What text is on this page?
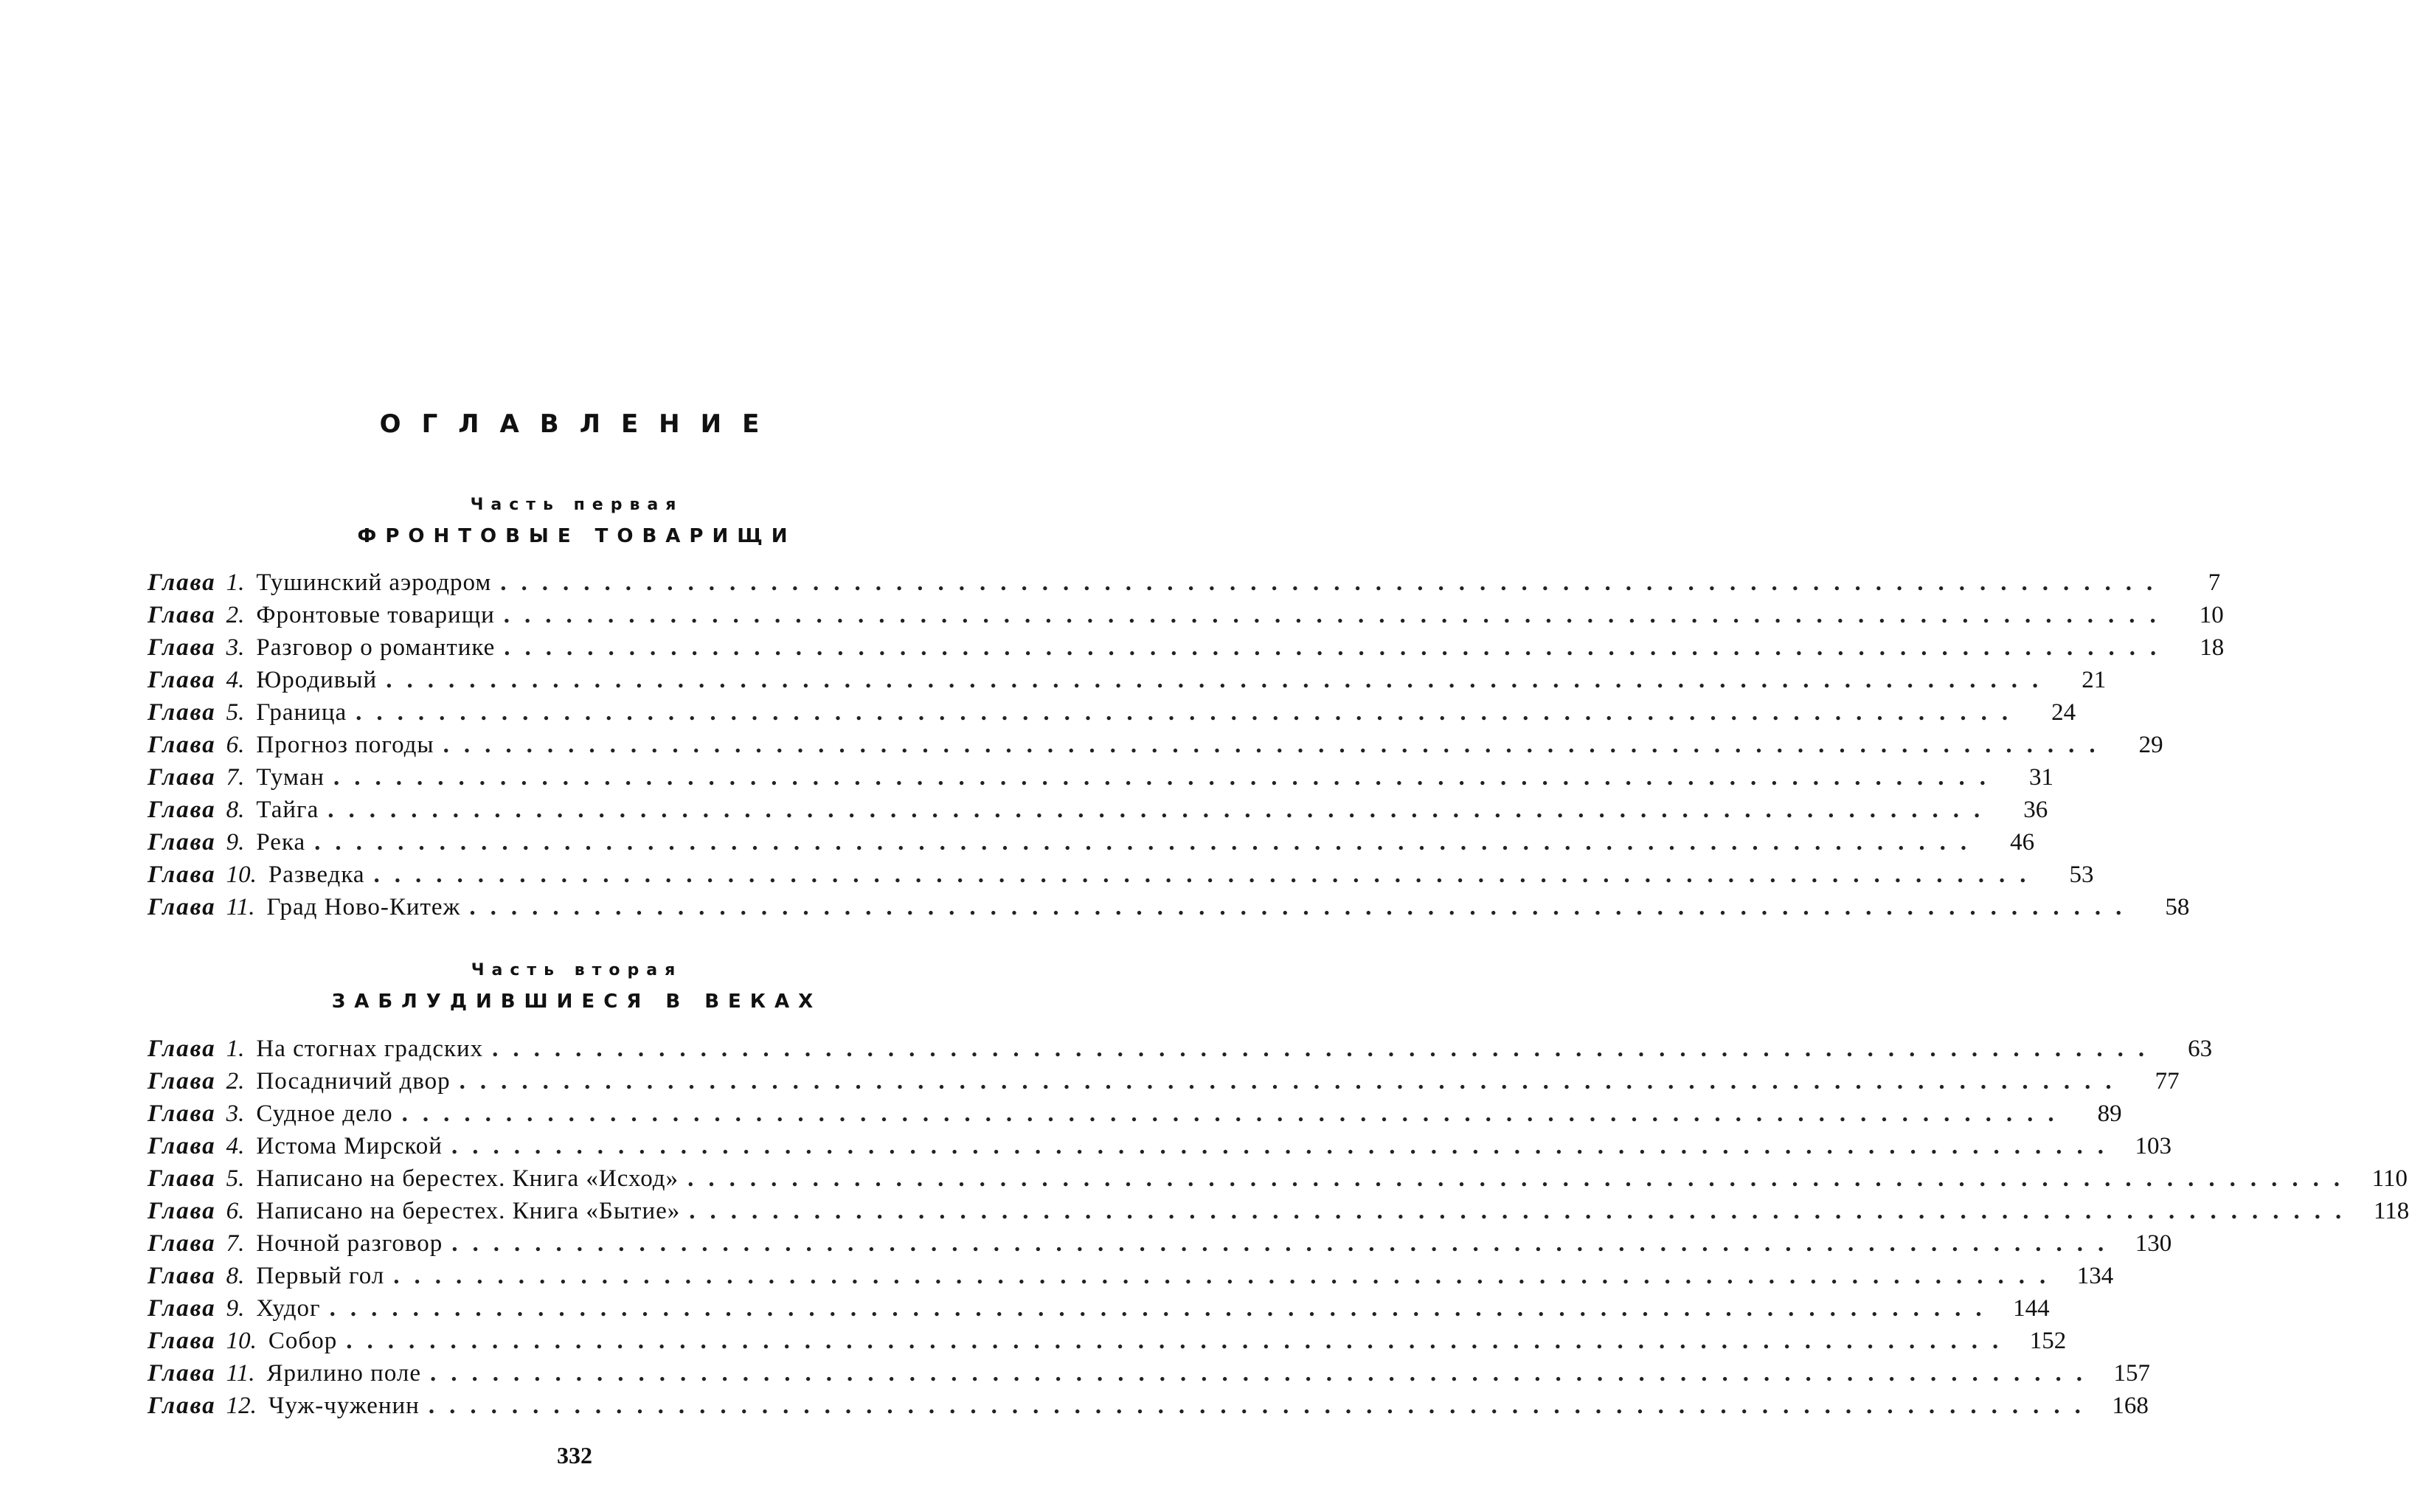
ОГЛАВЛЕНИЕ
Часть первая
ФРОНТОВЫЕ ТОВАРИЩИ
Глава 1. Тушинский аэродром ................................................................................	7
Глава 2. Фронтовые товарищи ................................................................................	10
Глава 3. Разговор о романтике ................................................................................	18
Глава 4. Юродивый ................................................................................	21
Глава 5. Граница ................................................................................	24
Глава 6. Прогноз погоды ................................................................................	29
Глава 7. Туман ................................................................................	31
Глава 8. Тайга ................................................................................	36
Глава 9. Река ................................................................................	46
Глава 10. Разведка ................................................................................	53
Глава 11. Град Ново-Китеж ................................................................................	58
Часть вторая
ЗАБЛУДИВШИЕСЯ В ВЕКАХ
Глава 1. На стогнах градских ................................................................................	63
Глава 2. Посадничий двор ................................................................................	77
Глава 3. Судное дело ................................................................................	89
Глава 4. Истома Мирской ................................................................................ 103
Глава 5. Написано на берестех. Книга «Исход» ................................................................................ 110
Глава 6. Написано на берестех. Книга «Бытие» ................................................................................ 118
Глава 7. Ночной разговор ................................................................................ 130
Глава 8. Первый гол ................................................................................ 134
Глава 9. Худог ................................................................................ 144
Глава 10. Собор ................................................................................ 152
Глава 11. Ярилино поле ................................................................................ 157
Глава 12. Чуж-чуженин ................................................................................ 168
332
